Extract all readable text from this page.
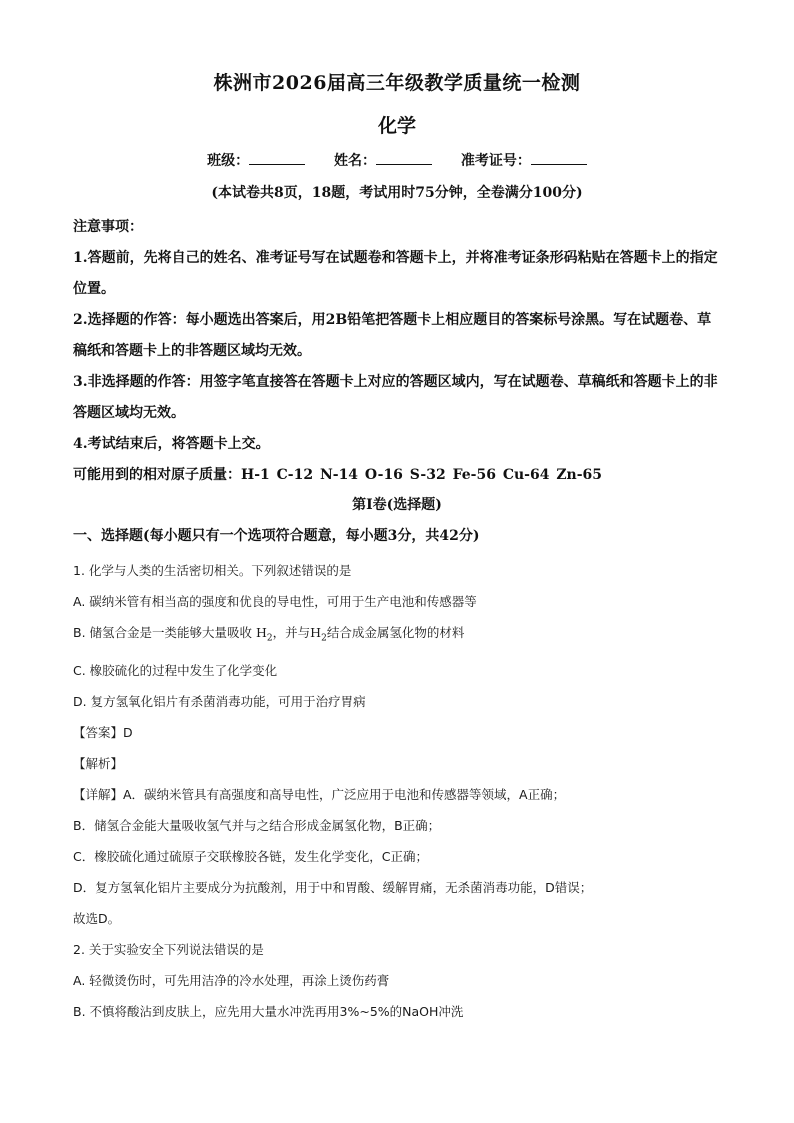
株洲市2026届高三年级教学质量统一检测
化学
班级：	姓名：	准考证号：
(本试卷共8页，18题，考试用时75分钟，全卷满分100分)

注意事项：

1.答题前，先将自己的姓名、准考证号写在试题卷和答题卡上，并将准考证条形码粘贴在答题卡上的指定位置。

2.选择题的作答：每小题选出答案后，用2B铅笔把答题卡上相应题目的答案标号涂黑。写在试题卷、草稿纸和答题卡上的非答题区域均无效。

3.非选择题的作答：用签字笔直接答在答题卡上对应的答题区域内，写在试题卷、草稿纸和答题卡上的非答题区域均无效。

4.考试结束后，将答题卡上交。

可能用到的相对原子质量：H-1 C-12 N-14 O-16 S-32 Fe-56 Cu-64 Zn-65

第Ⅰ卷(选择题)
一、选择题(每小题只有一个选项符合题意，每小题3分，共42分)

1. 化学与人类的生活密切相关。下列叙述错误的是

A. 碳纳米管有相当高的强度和优良的导电性，可用于生产电池和传感器等

B. 储氢合金是一类能够大量吸收 $H_2$，并与$H_2$结合成金属氢化物的材料

C. 橡胶硫化的过程中发生了化学变化

D. 复方氢氧化铝片有杀菌消毒功能，可用于治疗胃病

【答案】D

【解析】

【详解】A．碳纳米管具有高强度和高导电性，广泛应用于电池和传感器等领域，A正确；

B．储氢合金能大量吸收氢气并与之结合形成金属氢化物，B正确；

C．橡胶硫化通过硫原子交联橡胶各链，发生化学变化，C正确；

D．复方氢氧化铝片主要成分为抗酸剂，用于中和胃酸、缓解胃痛，无杀菌消毒功能，D错误；

故选D。

2. 关于实验安全下列说法错误的是

A. 轻微烫伤时，可先用洁净的冷水处理，再涂上烫伤药膏

B. 不慎将酸沾到皮肤上，应先用大量水冲洗再用3%~5%的NaOH冲洗
